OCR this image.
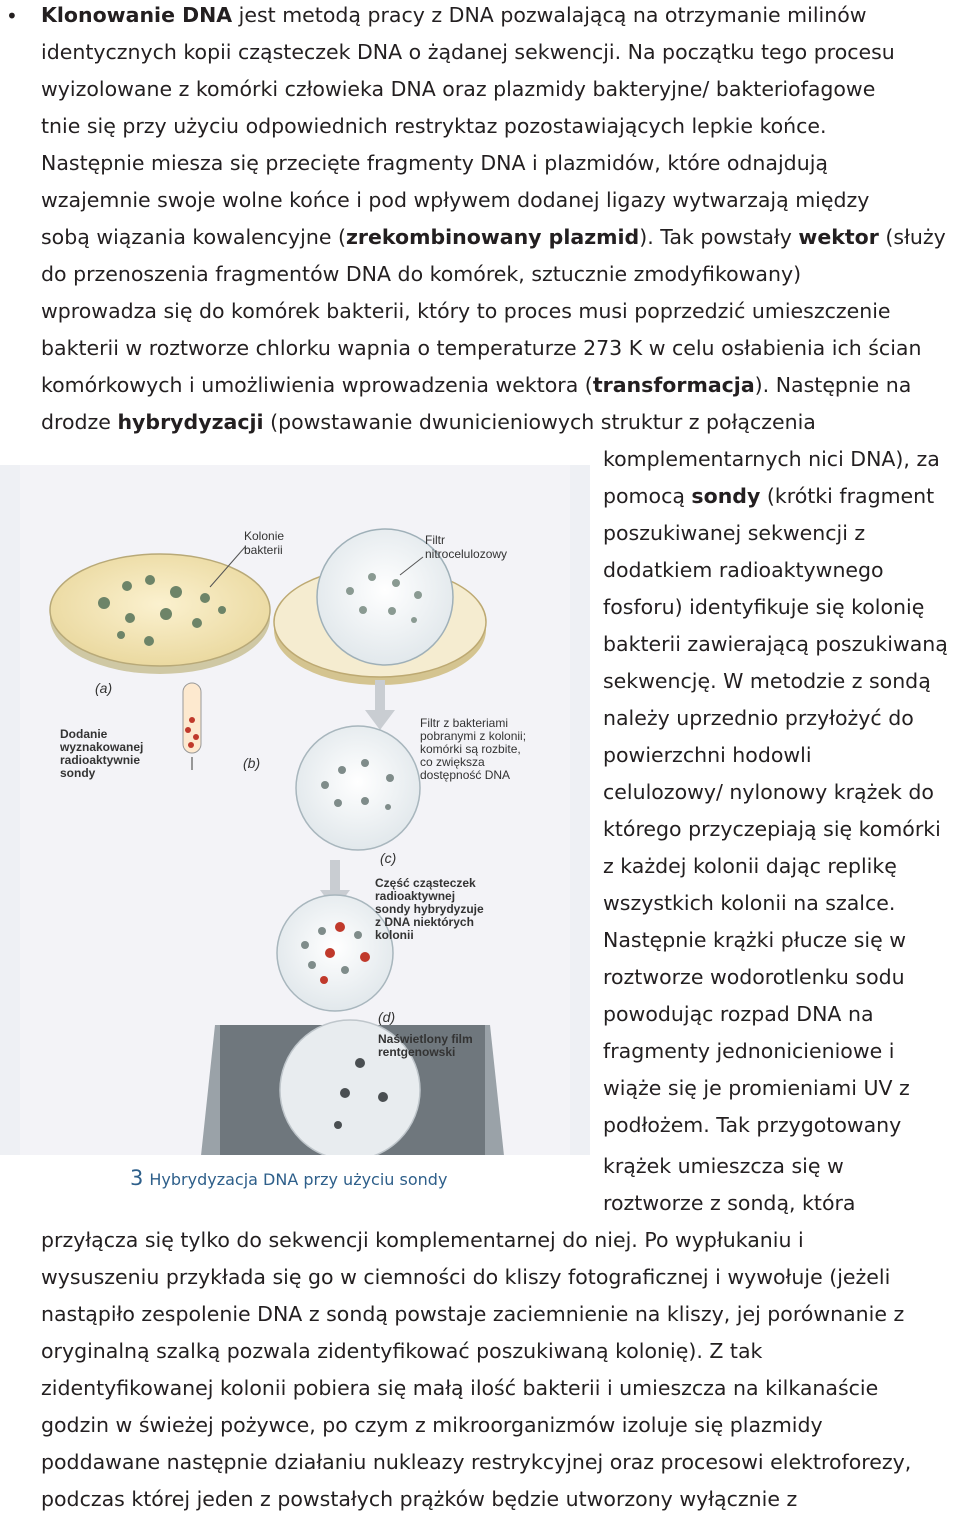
• Klonowanie DNA jest metodą pracy z DNA pozwalającą na otrzymanie milinów
identycznych kopii cząsteczek DNA o żądanej sekwencji. Na początku tego procesu
wyizolowane z komórki człowieka DNA oraz plazmidy bakteryjne/ bakteriofagowe
tnie się przy użyciu odpowiednich restryktaz pozostawiających lepkie końce.
Następnie miesza się przecięte fragmenty DNA i plazmidów, które odnajdują
wzajemnie swoje wolne końce i pod wpływem dodanej ligazy wytwarzają między
sobą wiązania kowalencyjne (zrekombinowany plazmid). Tak powstały wektor (służy
do przenoszenia fragmentów DNA do komórek, sztucznie zmodyfikowany)
wprowadza się do komórek bakterii, który to proces musi poprzedzić umieszczenie
bakterii w roztworze chlorku wapnia o temperaturze 273 K w celu osłabienia ich ścian
komórkowych i umożliwienia wprowadzenia wektora (transformacja). Następnie na
drodze hybrydyzacji (powstawanie dwunicieniowych struktur z połączenia
komplementarnych nici DNA), za
pomocą sondy (krótki fragment
poszukiwanej sekwencji z
dodatkiem radioaktywnego
fosforu) identyfikuje się kolonię
bakterii zawierającą poszukiwaną
sekwencję. W metodzie z sondą
należy uprzednio przyłożyć do
powierzchni hodowli
celulozowy/ nylonowy krążek do
którego przyczepiają się komórki
z każdej kolonii dając replikę
wszystkich kolonii na szalce.
Następnie krążki płucze się w
roztworze wodorotlenku sodu
powodując rozpad DNA na
fragmenty jednonicieniowe i
wiąże się je promieniami UV z
podłożem. Tak przygotowany
krążek umieszcza się w
roztworze z sondą, która
przyłącza się tylko do sekwencji komplementarnej do niej. Po wypłukaniu i
wysuszeniu przykłada się go w ciemności do kliszy fotograficznej i wywołuje (jeżeli
nastąpiło zespolenie DNA z sondą powstaje zaciemnienie na kliszy, jej porównanie z
oryginalną szalką pozwala zidentyfikować poszukiwaną kolonię). Z tak
zidentyfikowanej kolonii pobiera się małą ilość bakterii i umieszcza na kilkanaście
godzin w świeżej pożywce, po czym z mikroorganizmów izoluje się plazmidy
poddawane następnie działaniu nukleazy restrykcyjnej oraz procesowi elektroforezy,
podczas której jeden z powstałych prążków będzie utworzony wyłącznie z
Kolonie bakterii
Filtr nitrocelulozowy
(a)
Dodanie wyznakowanej radioaktywnie sondy
(b)
Filtr z bakteriami pobranymi z kolonii; komórki są rozbite, co zwiększa dostępność DNA
(c)
Część cząsteczek radioaktywnej sondy hybrydyzuje z DNA niektórych kolonii
(d)
Naświetlony film rentgenowski
3 Hybrydyzacja DNA przy użyciu sondy
